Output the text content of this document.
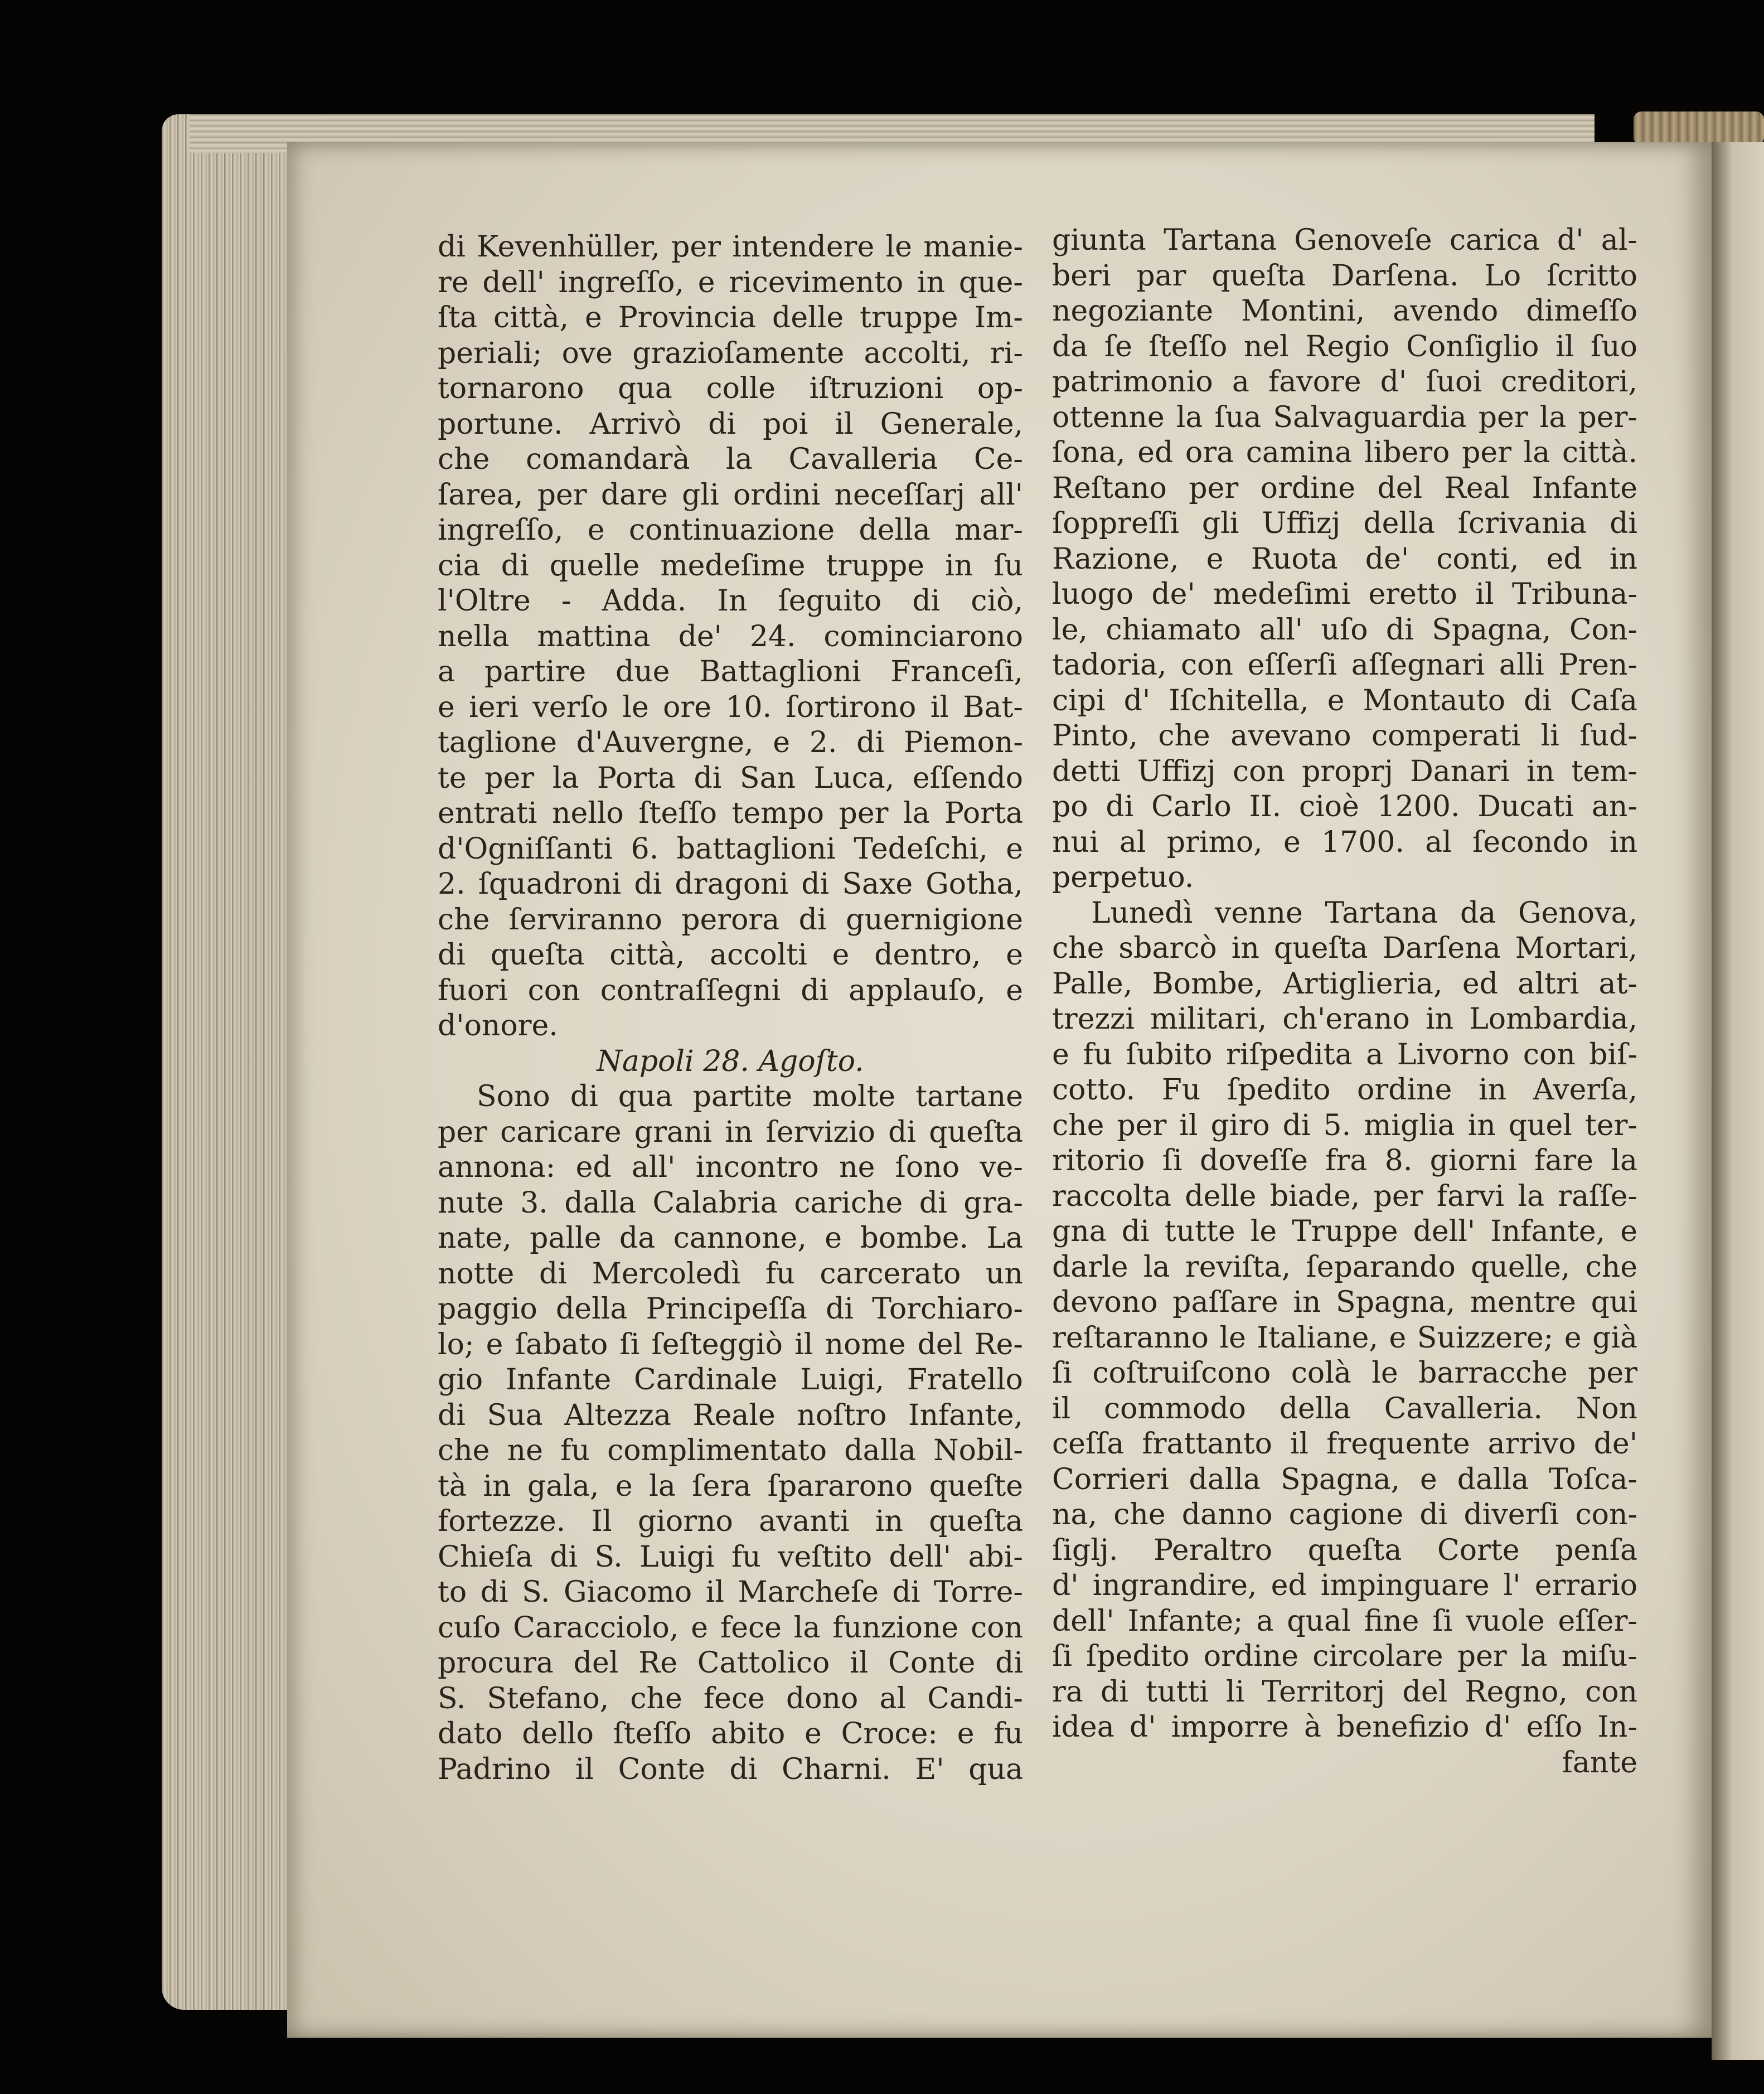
di Kevenhüller, per intendere le manie-
re dell' ingreſſo, e ricevimento in que-
ſta città, e Provincia delle truppe Im-
periali; ove grazioſamente accolti, ri-
tornarono qua colle iſtruzioni op-
portune. Arrivò di poi il Generale,
che comandarà la Cavalleria Ce-
ſarea, per dare gli ordini neceſſarj all'
ingreſſo, e continuazione della mar-
cia di quelle medeſime truppe in ſu
l'Oltre - Adda. In ſeguito di ciò,
nella mattina de' 24. cominciarono
a partire due Battaglioni Franceſi,
e ieri verſo le ore 10. ſortirono il Bat-
taglione d'Auvergne, e 2. di Piemon-
te per la Porta di San Luca, eſſendo
entrati nello ſteſſo tempo per la Porta
d'Ogniſſanti 6. battaglioni Tedeſchi, e
2. ſquadroni di dragoni di Saxe Gotha,
che ſerviranno perora di guernigione
di queſta città, accolti e dentro, e
fuori con contraſſegni di applauſo, e
d'onore.
Napoli 28. Agoſto.
Sono di qua partite molte tartane
per caricare grani in ſervizio di queſta
annona: ed all' incontro ne ſono ve-
nute 3. dalla Calabria cariche di gra-
nate, palle da cannone, e bombe. La
notte di Mercoledì fu carcerato un
paggio della Principeſſa di Torchiaro-
lo; e ſabato ſi ſeſteggiò il nome del Re-
gio Infante Cardinale Luigi, Fratello
di Sua Altezza Reale noſtro Infante,
che ne fu complimentato dalla Nobil-
tà in gala, e la ſera ſpararono queſte
fortezze. Il giorno avanti in queſta
Chieſa di S. Luigi fu veſtito dell' abi-
to di S. Giacomo il Marcheſe di Torre-
cuſo Caracciolo, e fece la funzione con
procura del Re Cattolico il Conte di
S. Stefano, che fece dono al Candi-
dato dello ſteſſo abito e Croce: e fu
Padrino il Conte di Charni. E' qua
giunta Tartana Genoveſe carica d' al-
beri par queſta Darſena. Lo ſcritto
negoziante Montini, avendo dimeſſo
da ſe ſteſſo nel Regio Conſiglio il ſuo
patrimonio a favore d' ſuoi creditori,
ottenne la ſua Salvaguardia per la per-
ſona, ed ora camina libero per la città.
Reſtano per ordine del Real Infante
ſoppreſſi gli Uffizj della ſcrivania di
Razione, e Ruota de' conti, ed in
luogo de' medeſimi eretto il Tribuna-
le, chiamato all' uſo di Spagna, Con-
tadoria, con eſſerſi aſſegnari alli Pren-
cipi d' Iſchitella, e Montauto di Caſa
Pinto, che avevano comperati li ſud-
detti Uffizj con proprj Danari in tem-
po di Carlo II. cioè 1200. Ducati an-
nui al primo, e 1700. al ſecondo in
perpetuo.
Lunedì venne Tartana da Genova,
che sbarcò in queſta Darſena Mortari,
Palle, Bombe, Artiglieria, ed altri at-
trezzi militari, ch'erano in Lombardia,
e fu ſubito riſpedita a Livorno con biſ-
cotto. Fu ſpedito ordine in Averſa,
che per il giro di 5. miglia in quel ter-
ritorio ſi doveſſe fra 8. giorni fare la
raccolta delle biade, per farvi la raſſe-
gna di tutte le Truppe dell' Infante, e
darle la reviſta, ſeparando quelle, che
devono paſſare in Spagna, mentre qui
reſtaranno le Italiane, e Suizzere; e già
ſi coſtruiſcono colà le barracche per
il commodo della Cavalleria. Non
ceſſa frattanto il frequente arrivo de'
Corrieri dalla Spagna, e dalla Toſca-
na, che danno cagione di diverſi con-
ſiglj. Peraltro queſta Corte penſa
d' ingrandire, ed impinguare l' errario
dell' Infante; a qual fine ſi vuole eſſer-
ſi ſpedito ordine circolare per la miſu-
ra di tutti li Territorj del Regno, con
idea d' imporre à benefizio d' eſſo In-
fante
